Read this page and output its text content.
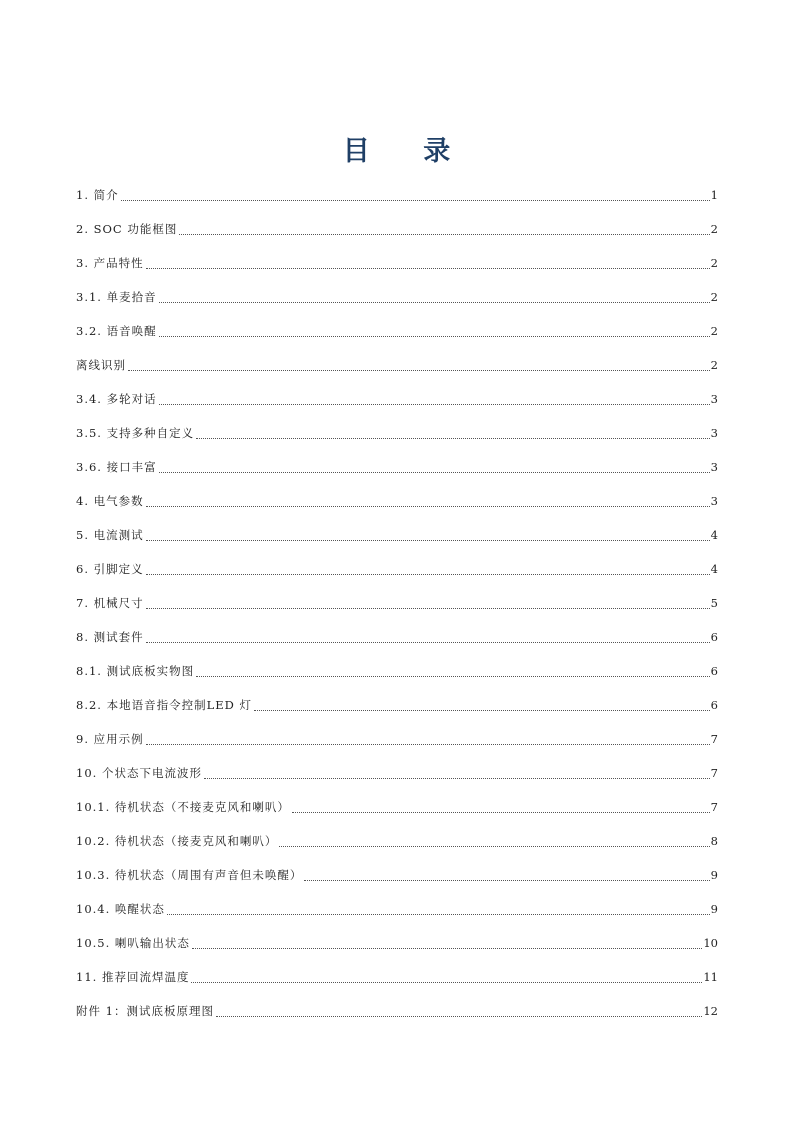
目 录
1. 简介	1
2. SOC 功能框图	2
3. 产品特性	2
3.1. 单麦拾音	2
3.2. 语音唤醒	2
离线识别	2
3.4. 多轮对话	3
3.5. 支持多种自定义	3
3.6. 接口丰富	3
4. 电气参数	3
5. 电流测试	4
6. 引脚定义	4
7. 机械尺寸	5
8. 测试套件	6
8.1. 测试底板实物图	6
8.2. 本地语音指令控制LED 灯	6
9. 应用示例	7
10. 个状态下电流波形	7
10.1. 待机状态（不接麦克风和喇叭）	7
10.2. 待机状态（接麦克风和喇叭）	8
10.3. 待机状态（周围有声音但未唤醒）	9
10.4. 唤醒状态	9
10.5. 喇叭输出状态	10
11. 推荐回流焊温度	11
附件 1：测试底板原理图	12
